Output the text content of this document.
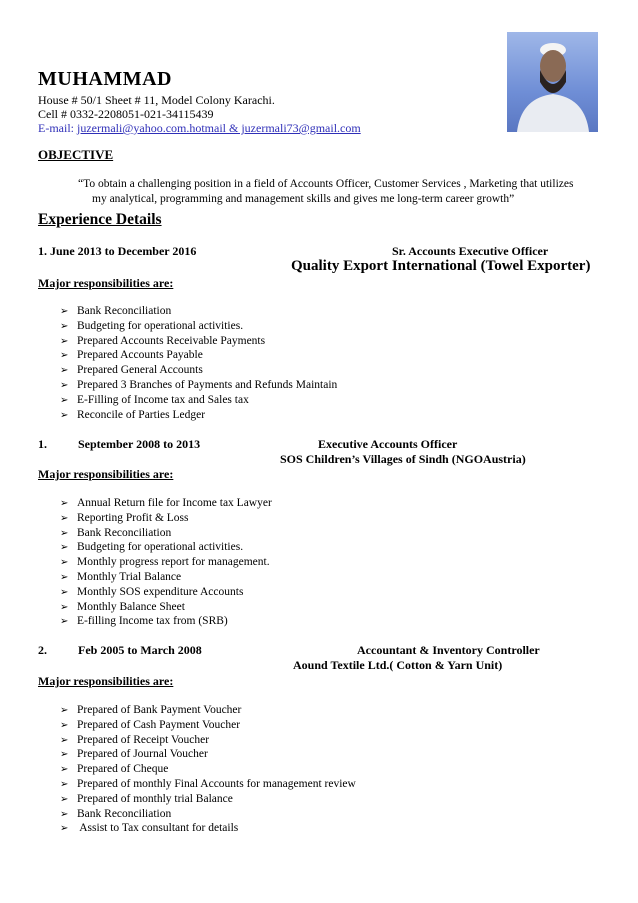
MUHAMMAD
House # 50/1 Sheet # 11, Model Colony Karachi.
Cell # 0332-2208051-021-34115439
E-mail: juzermali@yahoo.com.hotmail & juzermali73@gmail.com
OBJECTIVE
“To obtain a challenging position in a field of Accounts Officer, Customer Services , Marketing that utilizes
my analytical, programming and management skills and gives me long-term career growth”
Experience Details
1. June 2013 to December 2016	Sr. Accounts Executive Officer
Quality Export International (Towel Exporter)
Major responsibilities are:
➢ Bank Reconciliation
➢ Budgeting for operational activities.
➢ Prepared Accounts Receivable Payments
➢ Prepared Accounts Payable
➢ Prepared General Accounts
➢ Prepared 3 Branches of Payments and Refunds Maintain
➢ E-Filling of Income tax and Sales tax
➢ Reconcile of Parties Ledger
1.	September 2008 to 2013	Executive Accounts Officer
SOS Children’s Villages of Sindh (NGOAustria)
Major responsibilities are:
➢ Annual Return file for Income tax Lawyer
➢ Reporting Profit & Loss
➢ Bank Reconciliation
➢ Budgeting for operational activities.
➢ Monthly progress report for management.
➢ Monthly Trial Balance
➢ Monthly SOS expenditure Accounts
➢ Monthly Balance Sheet
➢ E-filling Income tax from (SRB)
2.	Feb 2005 to March 2008	Accountant & Inventory Controller
Aound Textile Ltd.( Cotton & Yarn Unit)
Major responsibilities are:
➢ Prepared of Bank Payment Voucher
➢ Prepared of Cash Payment Voucher
➢ Prepared of Receipt Voucher
➢ Prepared of Journal Voucher
➢ Prepared of Cheque
➢ Prepared of monthly Final Accounts for management review
➢ Prepared of monthly trial Balance
➢ Bank Reconciliation
➢ Assist to Tax consultant for details
